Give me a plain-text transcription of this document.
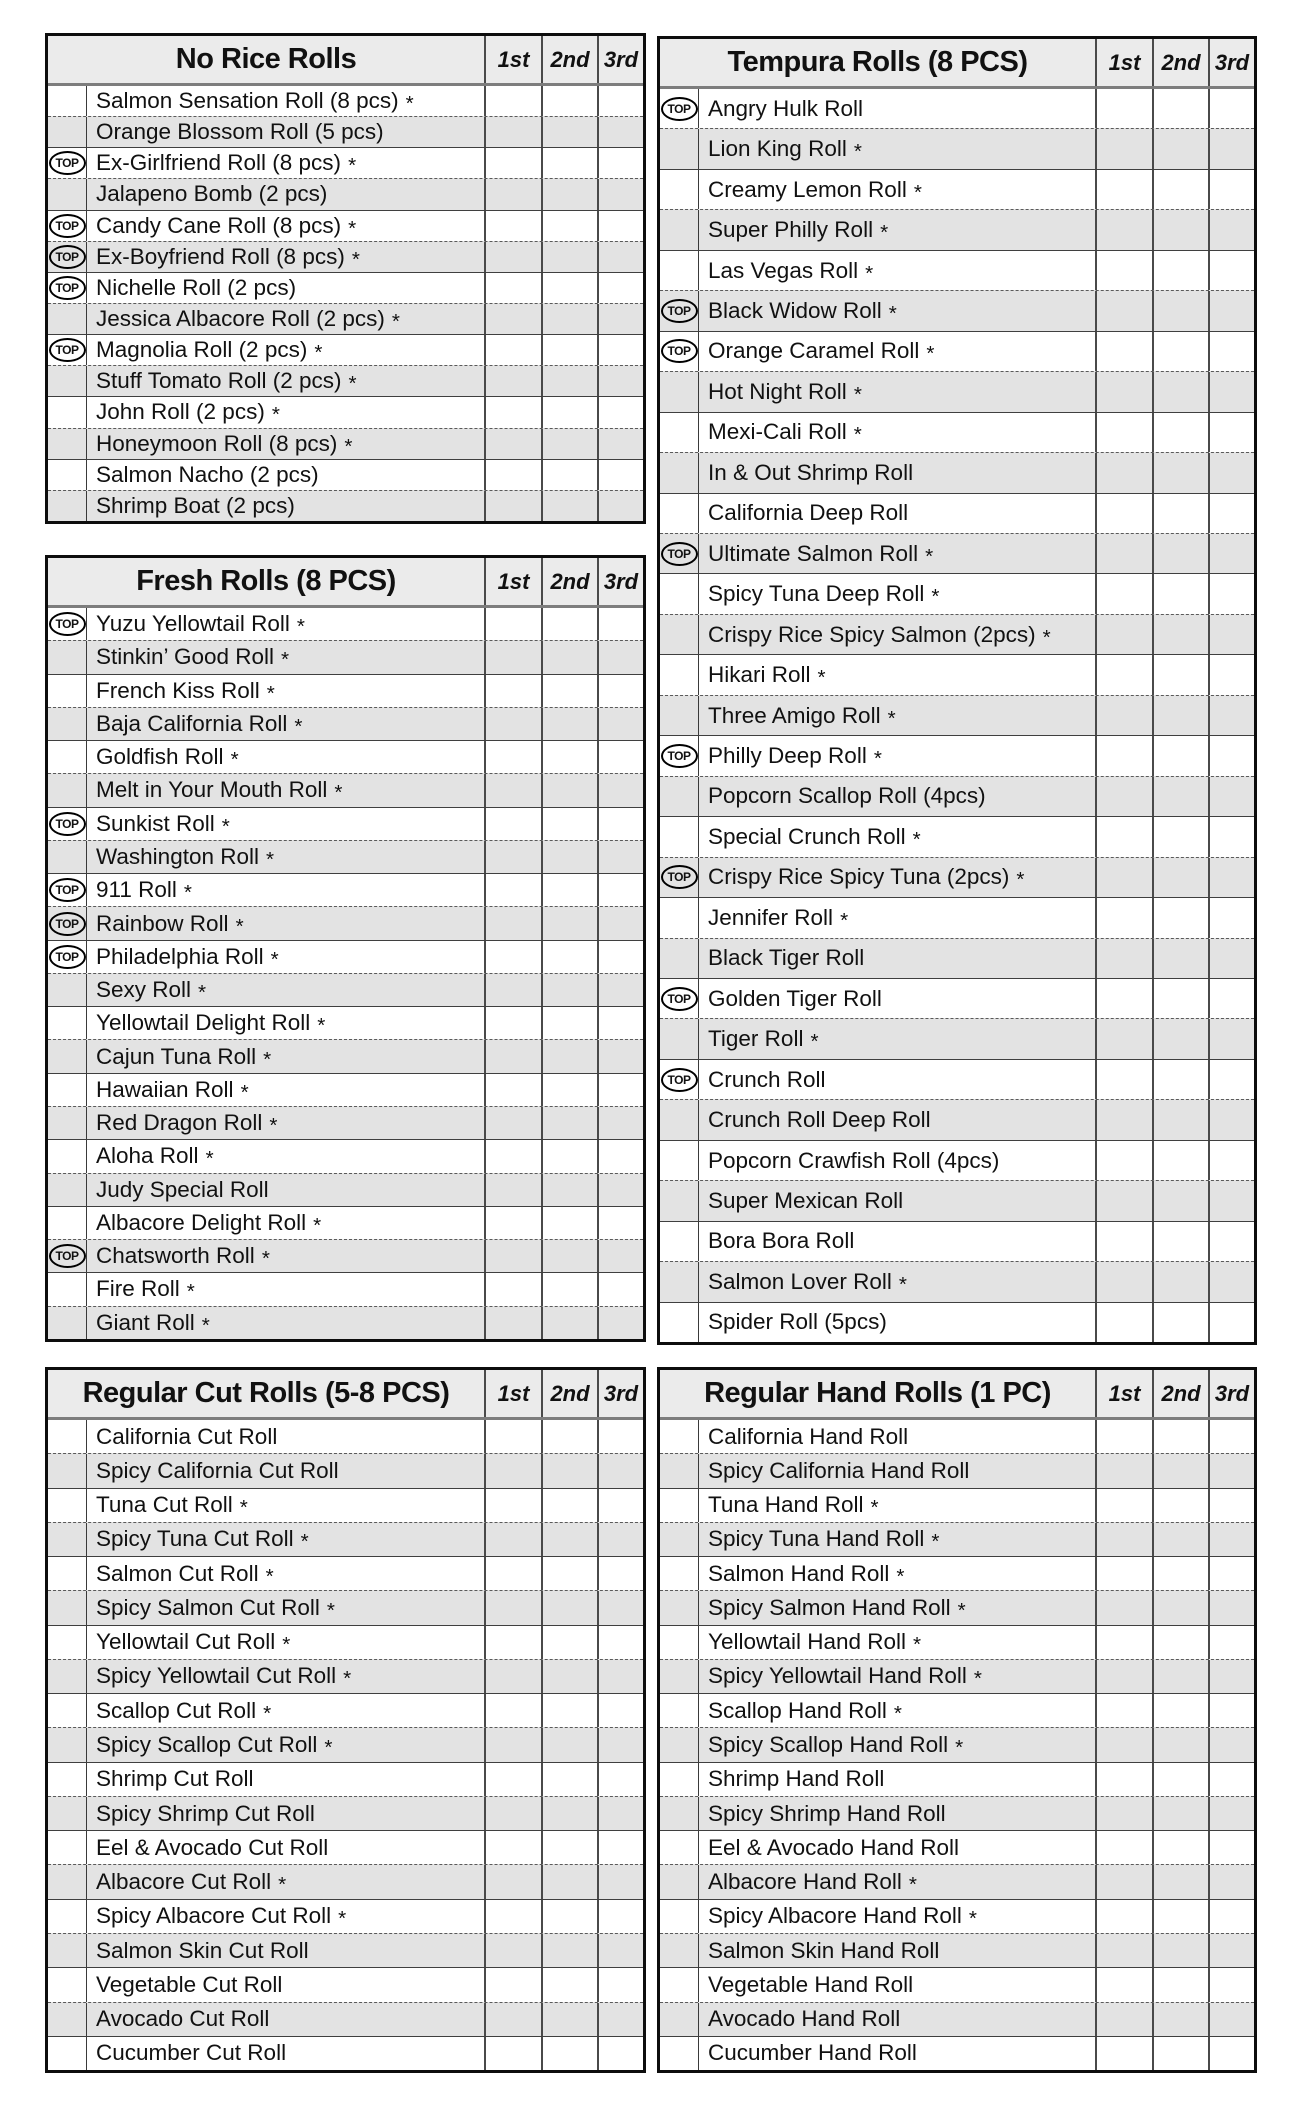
No Rice Rolls	1st 2nd 3rd
Salmon Sensation Roll (8 pcs) *
Orange Blossom Roll (5 pcs)
TOP Ex-Girlfriend Roll (8 pcs) *
Jalapeno Bomb (2 pcs)
TOP Candy Cane Roll (8 pcs) *
TOP Ex-Boyfriend Roll (8 pcs) *
TOP Nichelle Roll (2 pcs)
Jessica Albacore Roll (2 pcs) *
TOP Magnolia Roll (2 pcs) *
Stuff Tomato Roll (2 pcs) *
John Roll (2 pcs) *
Honeymoon Roll (8 pcs) *
Salmon Nacho (2 pcs)
Shrimp Boat (2 pcs)
Fresh Rolls (8 PCS)	1st 2nd 3rd
TOP Yuzu Yellowtail Roll *
Stinkin’ Good Roll *
French Kiss Roll *
Baja California Roll *
Goldfish Roll *
Melt in Your Mouth Roll *
TOP Sunkist Roll *
Washington Roll *
TOP 911 Roll *
TOP Rainbow Roll *
TOP Philadelphia Roll *
Sexy Roll *
Yellowtail Delight Roll *
Cajun Tuna Roll *
Hawaiian Roll *
Red Dragon Roll *
Aloha Roll *
Judy Special Roll
Albacore Delight Roll *
TOP Chatsworth Roll *
Fire Roll *
Giant Roll *
Tempura Rolls (8 PCS)	1st 2nd 3rd
TOP Angry Hulk Roll
Lion King Roll *
Creamy Lemon Roll *
Super Philly Roll *
Las Vegas Roll *
TOP Black Widow Roll *
TOP Orange Caramel Roll *
Hot Night Roll *
Mexi-Cali Roll *
In & Out Shrimp Roll
California Deep Roll
TOP Ultimate Salmon Roll *
Spicy Tuna Deep Roll *
Crispy Rice Spicy Salmon (2pcs) *
Hikari Roll *
Three Amigo Roll *
TOP Philly Deep Roll *
Popcorn Scallop Roll (4pcs)
Special Crunch Roll *
TOP Crispy Rice Spicy Tuna (2pcs) *
Jennifer Roll *
Black Tiger Roll
TOP Golden Tiger Roll
Tiger Roll *
TOP Crunch Roll
Crunch Roll Deep Roll
Popcorn Crawfish Roll (4pcs)
Super Mexican Roll
Bora Bora Roll
Salmon Lover Roll *
Spider Roll (5pcs)
Regular Cut Rolls (5-8 PCS)	1st 2nd 3rd
California Cut Roll
Spicy California Cut Roll
Tuna Cut Roll *
Spicy Tuna Cut Roll *
Salmon Cut Roll *
Spicy Salmon Cut Roll *
Yellowtail Cut Roll *
Spicy Yellowtail Cut Roll *
Scallop Cut Roll *
Spicy Scallop Cut Roll *
Shrimp Cut Roll
Spicy Shrimp Cut Roll
Eel & Avocado Cut Roll
Albacore Cut Roll *
Spicy Albacore Cut Roll *
Salmon Skin Cut Roll
Vegetable Cut Roll
Avocado Cut Roll
Cucumber Cut Roll
Regular Hand Rolls (1 PC)	1st 2nd 3rd
California Hand Roll
Spicy California Hand Roll
Tuna Hand Roll *
Spicy Tuna Hand Roll *
Salmon Hand Roll *
Spicy Salmon Hand Roll *
Yellowtail Hand Roll *
Spicy Yellowtail Hand Roll *
Scallop Hand Roll *
Spicy Scallop Hand Roll *
Shrimp Hand Roll
Spicy Shrimp Hand Roll
Eel & Avocado Hand Roll
Albacore Hand Roll *
Spicy Albacore Hand Roll *
Salmon Skin Hand Roll
Vegetable Hand Roll
Avocado Hand Roll
Cucumber Hand Roll
